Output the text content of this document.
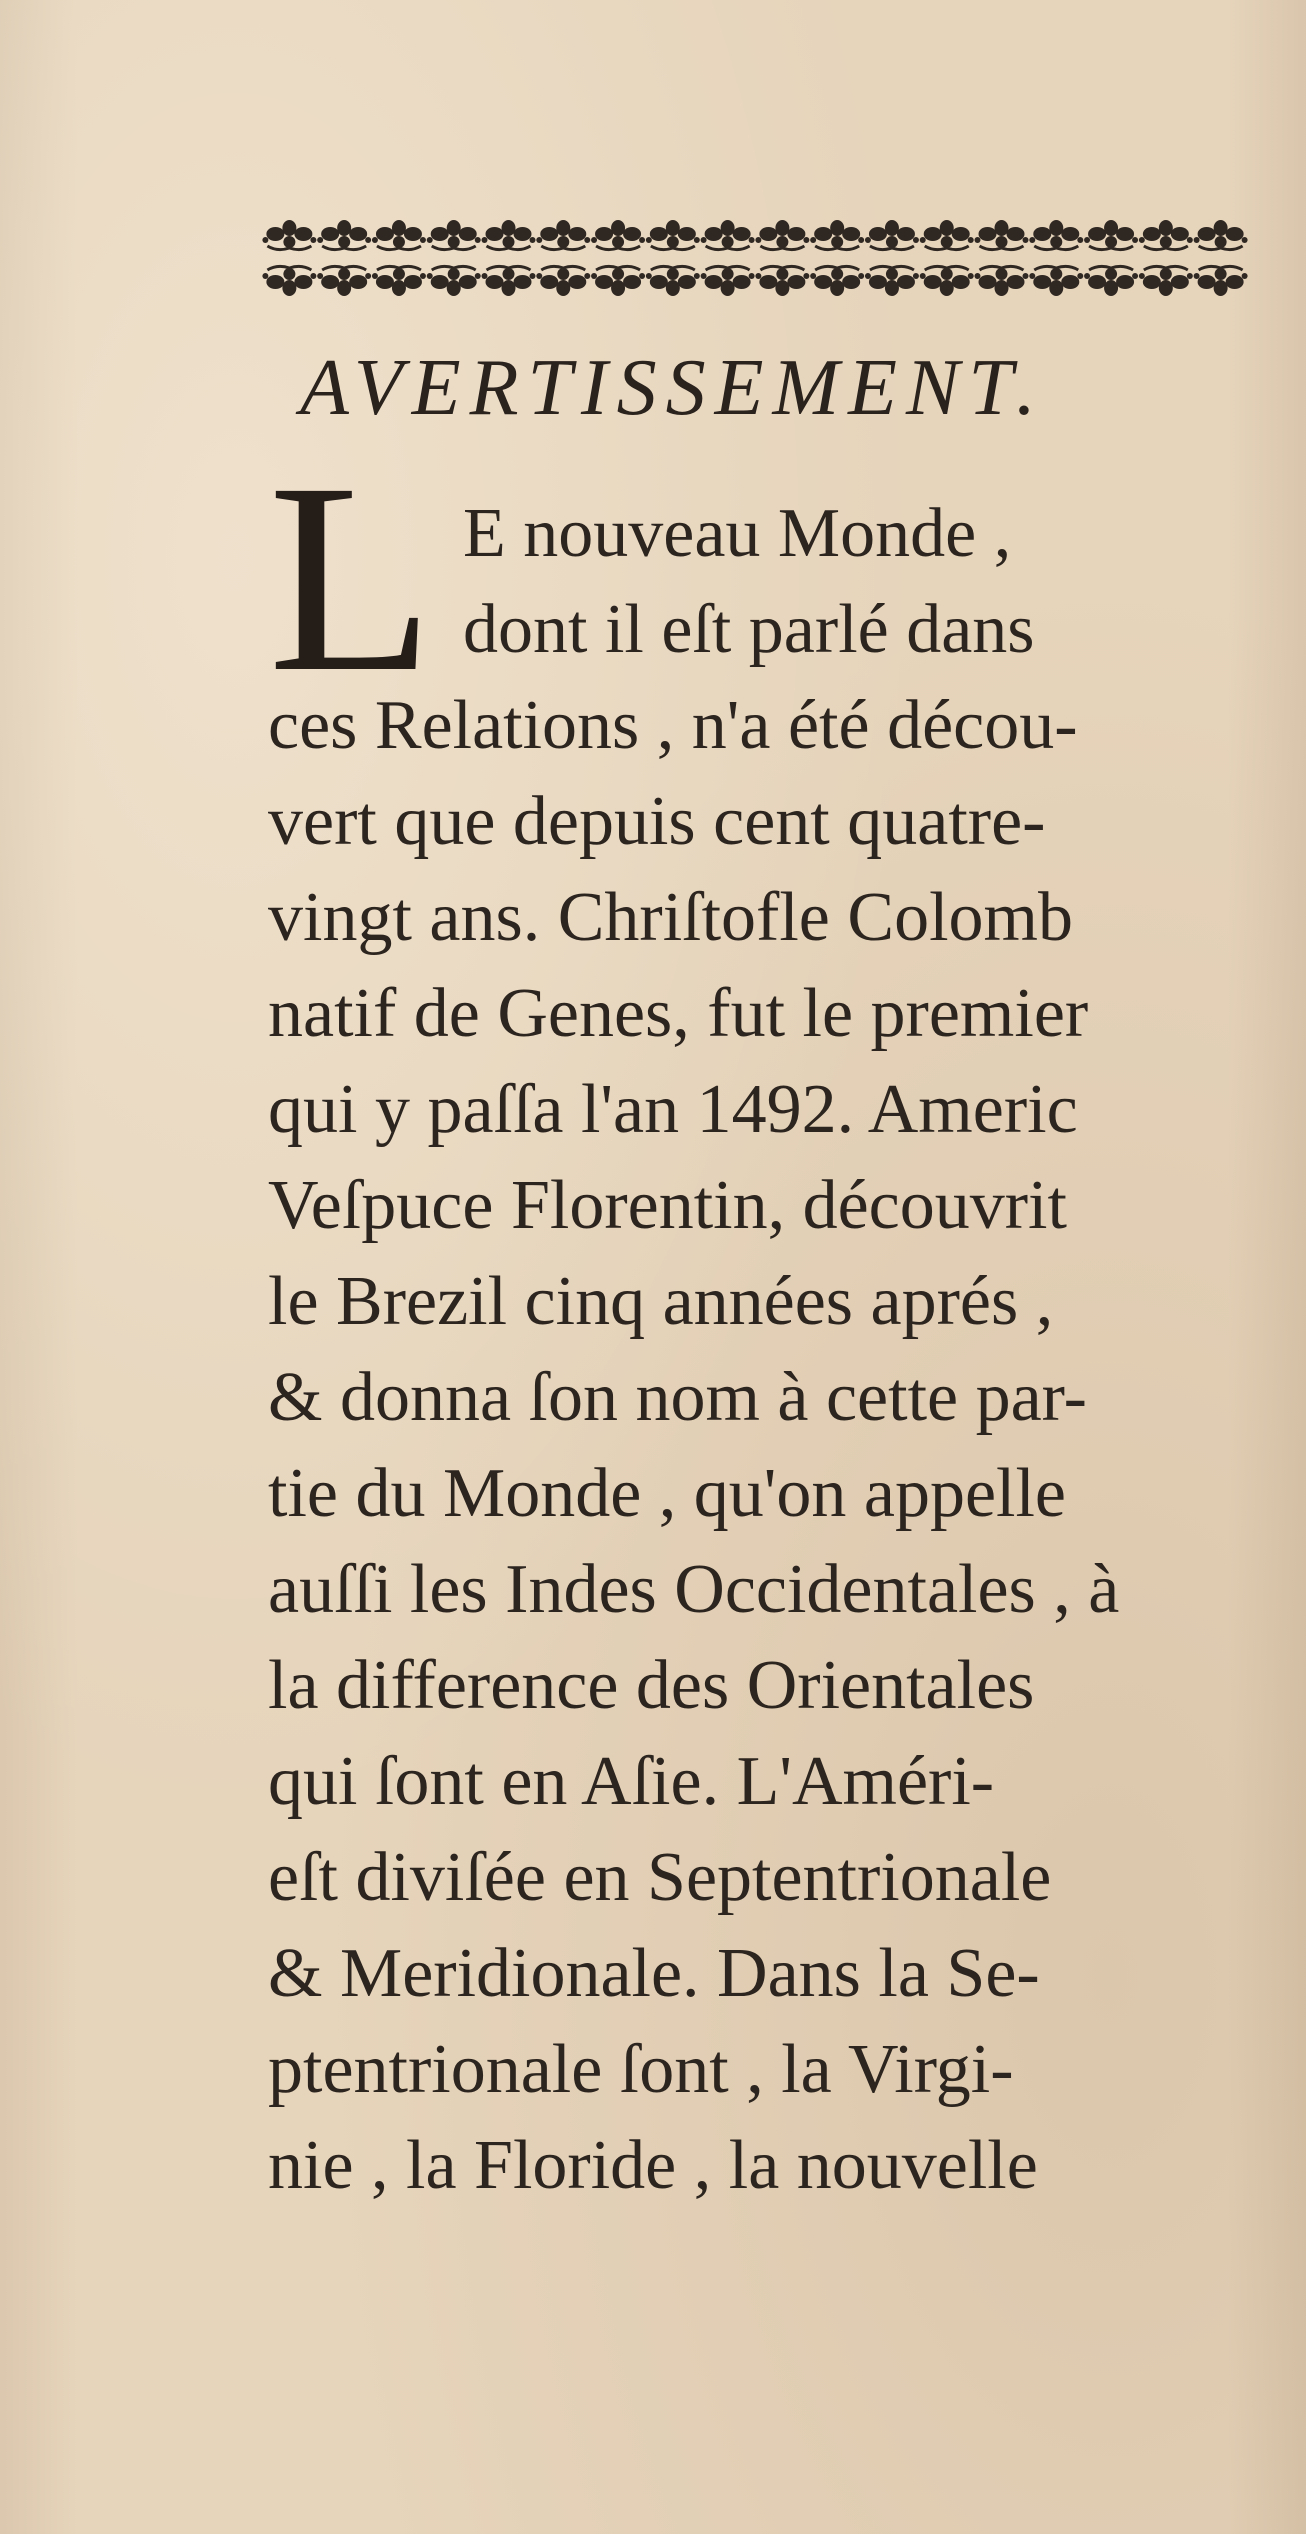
AVERTISSEMENT.
L E nouveau Monde ,
dont il eſt parlé dans
ces Relations , n'a été décou-
vert que depuis cent quatre-
vingt ans. Chriſtofle Colomb
natif de Genes, fut le premier
qui y paſſa l'an 1492. Americ
Veſpuce Florentin, découvrit
le Brezil cinq années aprés ,
& donna ſon nom à cette par-
tie du Monde , qu'on appelle
auſſi les Indes Occidentales , à
la difference des Orientales
qui ſont en Aſie. L'Améri-
eſt diviſée en Septentrionale
& Meridionale. Dans la Se-
ptentrionale ſont , la Virgi-
nie , la Floride , la nouvelle
